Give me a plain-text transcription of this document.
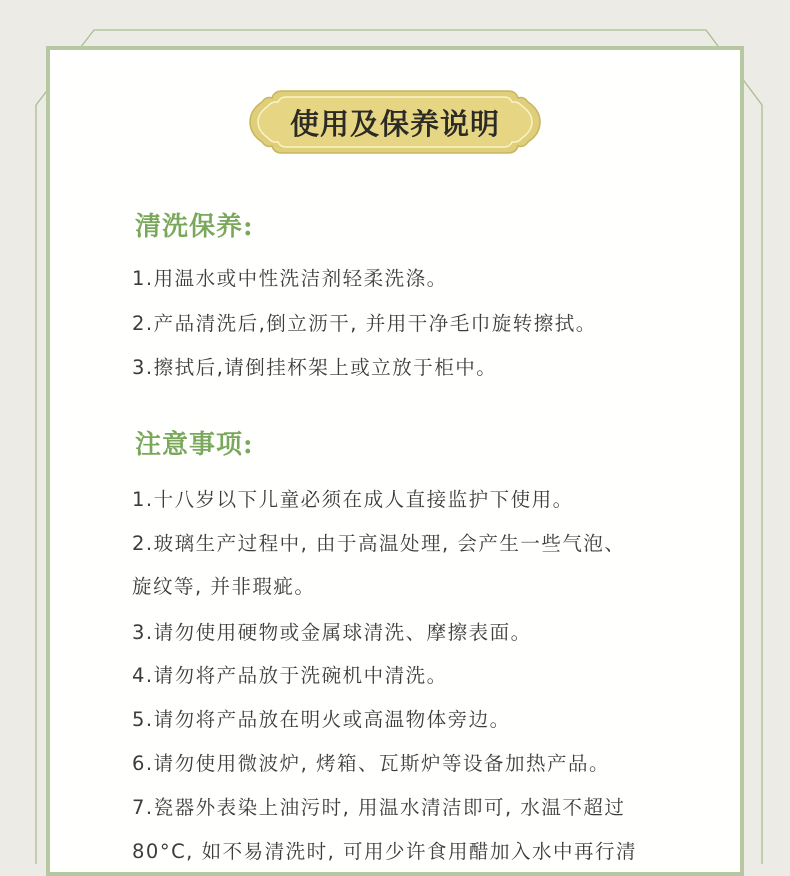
使用及保养说明
清洗保养:
1.用温水或中性洗洁剂轻柔洗涤。
2.产品清洗后,倒立沥干, 并用干净毛巾旋转擦拭。
3.擦拭后,请倒挂杯架上或立放于柜中。
注意事项:
1.十八岁以下儿童必须在成人直接监护下使用。
2.玻璃生产过程中, 由于高温处理, 会产生一些气泡、
旋纹等, 并非瑕疵。
3.请勿使用硬物或金属球清洗、摩擦表面。
4.请勿将产品放于洗碗机中清洗。
5.请勿将产品放在明火或高温物体旁边。
6.请勿使用微波炉, 烤箱、瓦斯炉等设备加热产品。
7.瓷器外表染上油污时, 用温水清洁即可, 水温不超过
80°C, 如不易清洗时, 可用少许食用醋加入水中再行清
